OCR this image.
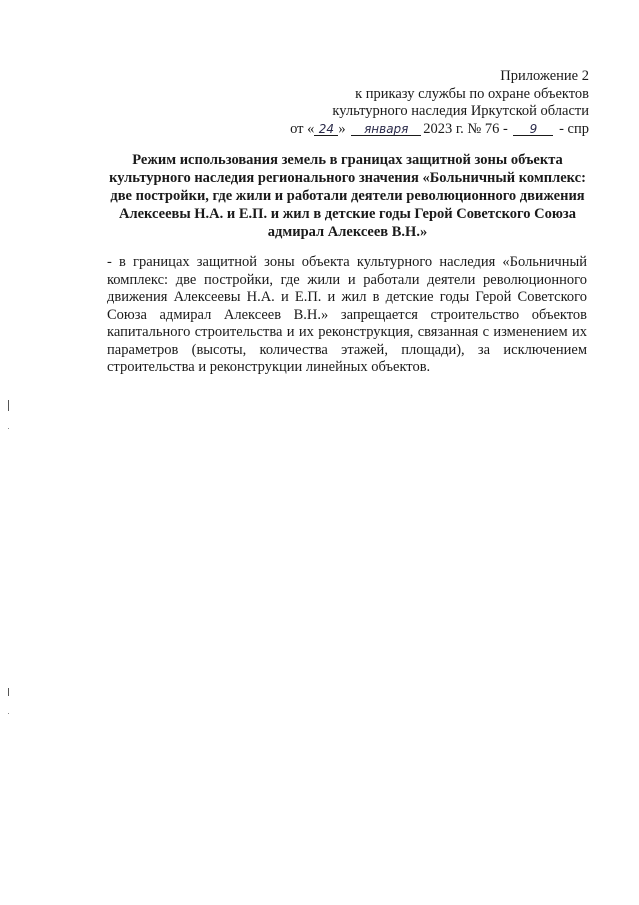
Приложение 2
к приказу службы по охране объектов
культурного наследия Иркутской области
от « 24 » января 2023 г. № 76 - 9 - спр
Режим использования земель в границах защитной зоны объекта
культурного наследия регионального значения «Больничный комплекс:
две постройки, где жили и работали деятели революционного движения
Алексеевы Н.А. и Е.П. и жил в детские годы Герой Советского Союза
адмирал Алексеев В.Н.»
- в границах защитной зоны объекта культурного наследия «Больничный
комплекс: две постройки, где жили и работали деятели революционного
движения Алексеевы Н.А. и Е.П. и жил в детские годы Герой Советского
Союза адмирал Алексеев В.Н.» запрещается строительство объектов
капитального строительства и их реконструкция, связанная с изменением их
параметров (высоты, количества этажей, площади), за исключением
строительства и реконструкции линейных объектов.
